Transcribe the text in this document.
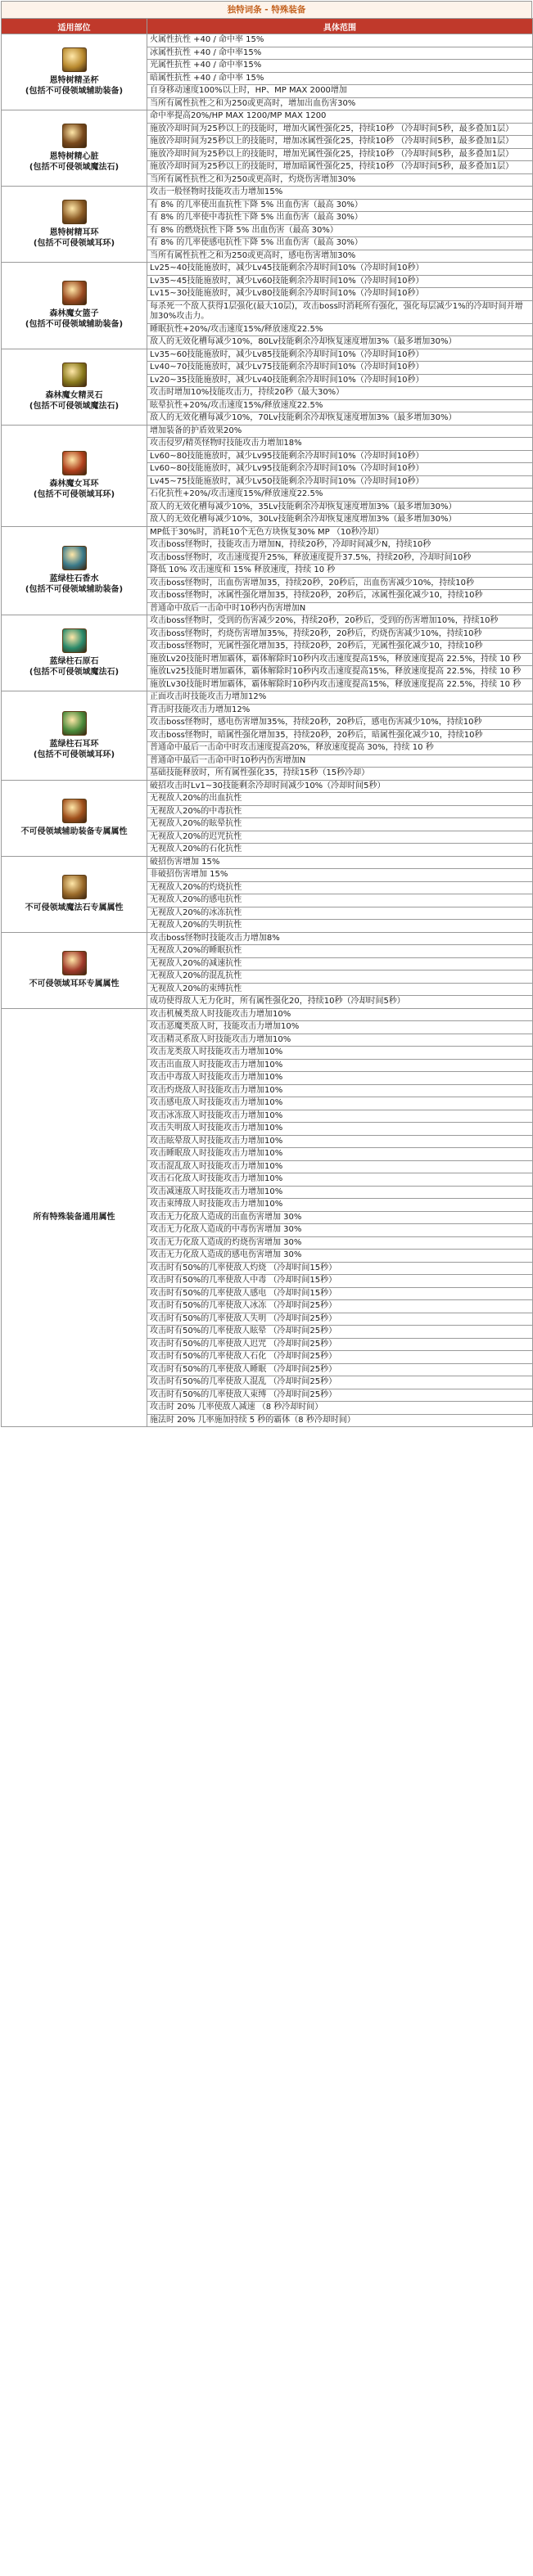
独特词条 - 特殊装备
适用部位	具体范围

恩特树精圣杯
(包括不可侵领域辅助装备)	火属性抗性 +40 / 命中率 15%
	冰属性抗性 +40 / 命中率15%
	光属性抗性 +40 / 命中率15%
	暗属性抗性 +40 / 命中率 15%
	自身移动速度100%以上时，HP、MP MAX 2000增加
	当所有属性抗性之和为250或更高时，增加出血伤害30%

恩特树精心脏
(包括不可侵领域魔法石)	命中率提高20%/HP MAX 1200/MP MAX 1200
	施放冷却时间为25秒以上的技能时，增加火属性强化25，持续10秒 （冷却时间5秒，最多叠加1层）
	施放冷却时间为25秒以上的技能时，增加冰属性强化25，持续10秒 （冷却时间5秒，最多叠加1层）
	施放冷却时间为25秒以上的技能时，增加光属性强化25，持续10秒 （冷却时间5秒，最多叠加1层）
	施放冷却时间为25秒以上的技能时，增加暗属性强化25，持续10秒 （冷却时间5秒，最多叠加1层）
	当所有属性抗性之和为250或更高时，灼烧伤害增加30%

恩特树精耳环
(包括不可侵领域耳环)	攻击一般怪物时技能攻击力增加15%
	有 8% 的几率使出血抗性下降 5% 出血伤害（最高 30%）
	有 8% 的几率使中毒抗性下降 5% 出血伤害（最高 30%）
	有 8% 的燃烧抗性下降 5% 出血伤害（最高 30%）
	有 8% 的几率使感电抗性下降 5% 出血伤害（最高 30%）
	当所有属性抗性之和为250或更高时，感电伤害增加30%

森林魔女篮子
(包括不可侵领域辅助装备)	Lv25~40技能施放时，减少Lv45技能剩余冷却时间10%（冷却时间10秒）
	Lv35~45技能施放时，减少Lv60技能剩余冷却时间10%（冷却时间10秒）
	Lv15~30技能施放时，减少Lv80技能剩余冷却时间10%（冷却时间10秒）
	每杀死一个敌人获得1层强化(最大10层)，攻击boss时消耗所有强化，强化每层减少1%的冷却时间并增加30%攻击力。
	睡眠抗性+20%/攻击速度15%/释放速度22.5%
	敌人的无效化槽每减少10%，80Lv技能剩余冷却恢复速度增加3%（最多增加30%）

森林魔女精灵石
(包括不可侵领域魔法石)	Lv35~60技能施放时，减少Lv85技能剩余冷却时间10%（冷却时间10秒）
	Lv40~70技能施放时，减少Lv75技能剩余冷却时间10%（冷却时间10秒）
	Lv20~35技能施放时，减少Lv40技能剩余冷却时间10%（冷却时间10秒）
	攻击时增加10%技能攻击力，持续20秒（最大30%）
	眩晕抗性+20%/攻击速度15%/释放速度22.5%
	敌人的无效化槽每减少10%，70Lv技能剩余冷却恢复速度增加3%（最多增加30%）

森林魔女耳环
(包括不可侵领域耳环)	增加装备的护盾效果20%
	攻击侵罗/精英怪物时技能攻击力增加18%
	Lv60~80技能施放时，减少Lv95技能剩余冷却时间10%（冷却时间10秒）
	Lv60~80技能施放时，减少Lv95技能剩余冷却时间10%（冷却时间10秒）
	Lv45~75技能施放时，减少Lv50技能剩余冷却时间10%（冷却时间10秒）
	石化抗性+20%/攻击速度15%/释放速度22.5%
	敌人的无效化槽每减少10%，35Lv技能剩余冷却恢复速度增加3%（最多增加30%）
	敌人的无效化槽每减少10%，30Lv技能剩余冷却恢复速度增加3%（最多增加30%）

蓝绿柱石香水
(包括不可侵领域辅助装备)	MP低于30%时，消耗10个无色方块恢复30% MP （10秒冷却）
	攻击boss怪物时，技能攻击力增加N，持续20秒，冷却时间减少N，持续10秒
	攻击boss怪物时，攻击速度提升25%，释放速度提升37.5%，持续20秒，冷却时间10秒
	降低 10% 攻击速度和 15% 释放速度，持续 10 秒
	攻击boss怪物时，出血伤害增加35，持续20秒，20秒后，出血伤害减少10%，持续10秒
	攻击boss怪物时，冰属性强化增加35，持续20秒，20秒后，冰属性强化减少10，持续10秒
	普通命中敌后一击命中时10秒内伤害增加N

蓝绿柱石原石
(包括不可侵领域魔法石)	攻击boss怪物时，受到的伤害减少20%，持续20秒，20秒后，受到的伤害增加10%，持续10秒
	攻击boss怪物时，灼烧伤害增加35%，持续20秒，20秒后，灼烧伤害减少10%，持续10秒
	攻击boss怪物时，光属性强化增加35，持续20秒，20秒后，光属性强化减少10，持续10秒
	施放Lv20技能时增加霸体，霸体解除时10秒内攻击速度提高15%，释放速度提高 22.5%，持续 10 秒
	施放Lv25技能时增加霸体，霸体解除时10秒内攻击速度提高15%，释放速度提高 22.5%，持续 10 秒
	施放Lv30技能时增加霸体，霸体解除时10秒内攻击速度提高15%，释放速度提高 22.5%，持续 10 秒

蓝绿柱石耳环
(包括不可侵领域耳环)	正面攻击时技能攻击力增加12%
	背击时技能攻击力增加12%
	攻击boss怪物时，感电伤害增加35%，持续20秒，20秒后，感电伤害减少10%，持续10秒
	攻击boss怪物时，暗属性强化增加35，持续20秒，20秒后，暗属性强化减少10，持续10秒
	普通命中最后一击命中时攻击速度提高20%，释放速度提高 30%，持续 10 秒
	普通命中最后一击命中时10秒内伤害增加N
	基础技能释放时，所有属性强化35，持续15秒（15秒冷却）

不可侵领域辅助装备专属属性	破招攻击时Lv1~30技能剩余冷却时间减少10%（冷却时间5秒）
	无视敌人20%的出血抗性
	无视敌人20%的中毒抗性
	无视敌人20%的眩晕抗性
	无视敌人20%的迟咒抗性
	无视敌人20%的石化抗性

不可侵领域魔法石专属属性	破招伤害增加 15%
	非破招伤害增加 15%
	无视敌人20%的灼烧抗性
	无视敌人20%的感电抗性
	无视敌人20%的冰冻抗性
	无视敌人20%的失明抗性

不可侵领域耳环专属属性	攻击boss怪物时技能攻击力增加8%
	无视敌人20%的睡眠抗性
	无视敌人20%的减速抗性
	无视敌人20%的混乱抗性
	无视敌人20%的束缚抗性
	成功使得敌人无力化时，所有属性强化20，持续10秒（冷却时间5秒）

所有特殊装备通用属性	攻击机械类敌人时技能攻击力增加10%
	攻击恶魔类敌人时，技能攻击力增加10%
	攻击精灵系敌人时技能攻击力增加10%
	攻击龙类敌人时技能攻击力增加10%
	攻击出血敌人时技能攻击力增加10%
	攻击中毒敌人时技能攻击力增加10%
	攻击灼烧敌人时技能攻击力增加10%
	攻击感电敌人时技能攻击力增加10%
	攻击冰冻敌人时技能攻击力增加10%
	攻击失明敌人时技能攻击力增加10%
	攻击眩晕敌人时技能攻击力增加10%
	攻击睡眠敌人时技能攻击力增加10%
	攻击混乱敌人时技能攻击力增加10%
	攻击石化敌人时技能攻击力增加10%
	攻击减速敌人时技能攻击力增加10%
	攻击束缚敌人时技能攻击力增加10%
	攻击无力化敌人造成的出血伤害增加 30%
	攻击无力化敌人造成的中毒伤害增加 30%
	攻击无力化敌人造成的灼烧伤害增加 30%
	攻击无力化敌人造成的感电伤害增加 30%
	攻击时有50%的几率使敌人灼烧 （冷却时间15秒）
	攻击时有50%的几率使敌人中毒 （冷却时间15秒）
	攻击时有50%的几率使敌人感电 （冷却时间15秒）
	攻击时有50%的几率使敌人冰冻 （冷却时间25秒）
	攻击时有50%的几率使敌人失明 （冷却时间25秒）
	攻击时有50%的几率使敌人眩晕 （冷却时间25秒）
	攻击时有50%的几率使敌人迟咒 （冷却时间25秒）
	攻击时有50%的几率使敌人石化 （冷却时间25秒）
	攻击时有50%的几率使敌人睡眠 （冷却时间25秒）
	攻击时有50%的几率使敌人混乱 （冷却时间25秒）
	攻击时有50%的几率使敌人束缚 （冷却时间25秒）
	攻击时 20% 几率使敌人减速 （8 秒冷却时间）
	施法时 20% 几率施加持续 5 秒的霸体（8 秒冷却时间）
